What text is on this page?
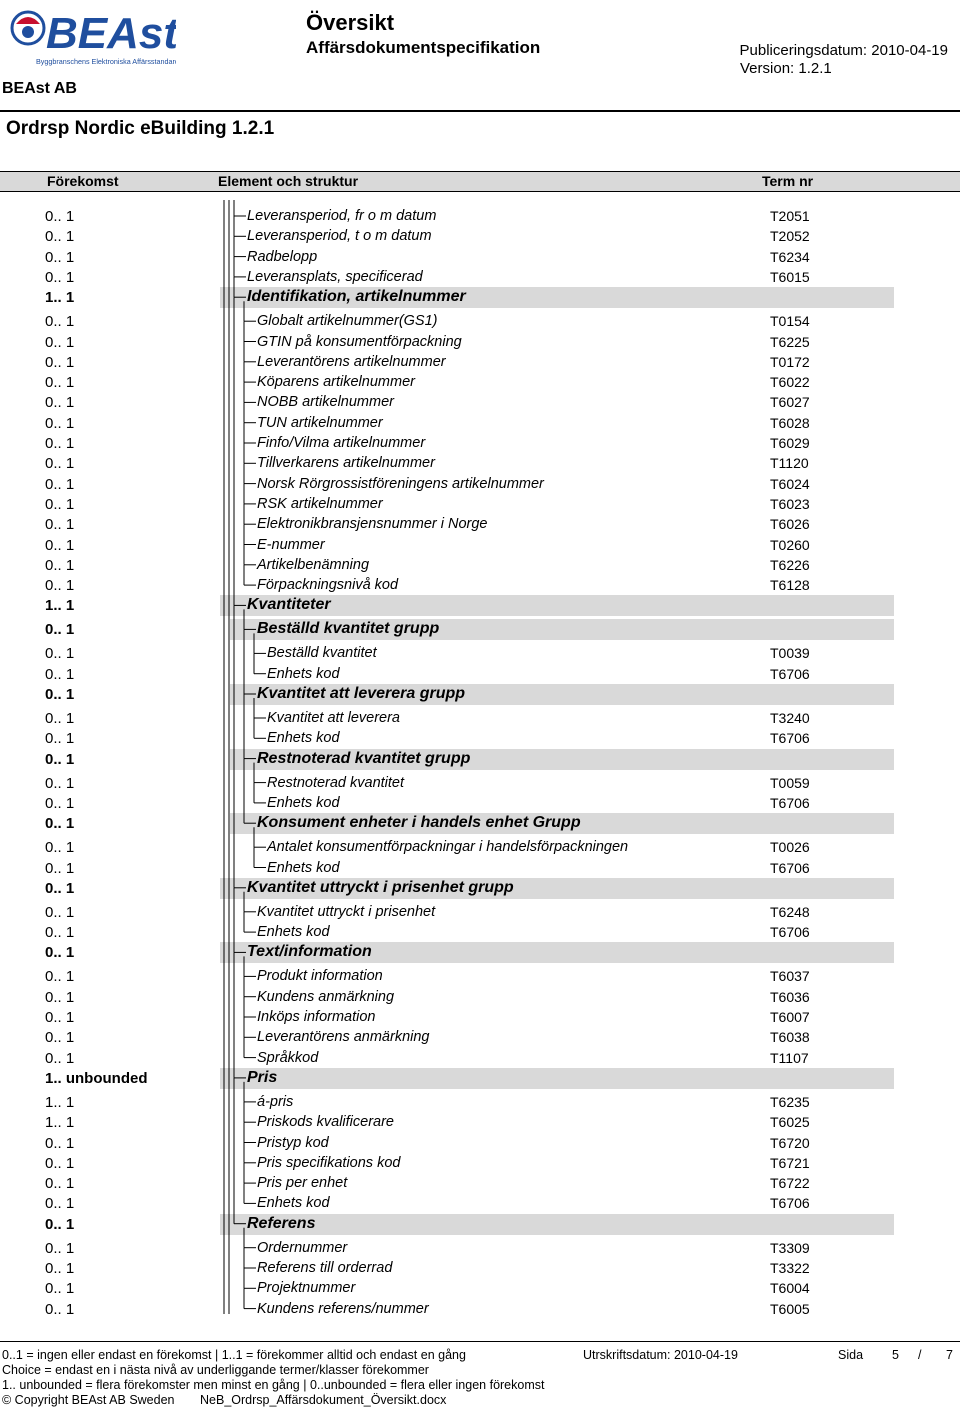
BEAst
Byggbranschens Elektroniska Affärsstandard
BEAst AB
Översikt
Affärsdokumentspecifikation	Publiceringsdatum: 2010-04-19
Version: 1.2.1
Ordrsp Nordic eBuilding 1.2.1
Förekomst	Element och struktur	Term nr
0.. 1	Leveransperiod, fr o m datum	T2051
0.. 1	Leveransperiod, t o m datum	T2052
0.. 1	Radbelopp	T6234
0.. 1	Leveransplats, specificerad	T6015
1.. 1	Identifikation, artikelnummer
0.. 1	Globalt artikelnummer(GS1)	T0154
0.. 1	GTIN på konsumentförpackning	T6225
0.. 1	Leverantörens artikelnummer	T0172
0.. 1	Köparens artikelnummer	T6022
0.. 1	NOBB artikelnummer	T6027
0.. 1	TUN artikelnummer	T6028
0.. 1	Finfo/Vilma artikelnummer	T6029
0.. 1	Tillverkarens artikelnummer	T1120
0.. 1	Norsk Rörgrossistföreningens artikelnummer	T6024
0.. 1	RSK artikelnummer	T6023
0.. 1	Elektronikbransjensnummer i Norge	T6026
0.. 1	E-nummer	T0260
0.. 1	Artikelbenämning	T6226
0.. 1	Förpackningsnivå kod	T6128
1.. 1	Kvantiteter
0.. 1	Beställd kvantitet grupp
0.. 1	Beställd kvantitet	T0039
0.. 1	Enhets kod	T6706
0.. 1	Kvantitet att leverera grupp
0.. 1	Kvantitet att leverera	T3240
0.. 1	Enhets kod	T6706
0.. 1	Restnoterad kvantitet grupp
0.. 1	Restnoterad kvantitet	T0059
0.. 1	Enhets kod	T6706
0.. 1	Konsument enheter i handels enhet Grupp
0.. 1	Antalet konsumentförpackningar i handelsförpackningen	T0026
0.. 1	Enhets kod	T6706
0.. 1	Kvantitet uttryckt i prisenhet grupp
0.. 1	Kvantitet uttryckt i prisenhet	T6248
0.. 1	Enhets kod	T6706
0.. 1	Text/information
0.. 1	Produkt information	T6037
0.. 1	Kundens anmärkning	T6036
0.. 1	Inköps information	T6007
0.. 1	Leverantörens anmärkning	T6038
0.. 1	Språkkod	T1107
1.. unbounded	Pris
1.. 1	á-pris	T6235
1.. 1	Priskods kvalificerare	T6025
0.. 1	Pristyp kod	T6720
0.. 1	Pris specifikations kod	T6721
0.. 1	Pris per enhet	T6722
0.. 1	Enhets kod	T6706
0.. 1	Referens
0.. 1	Ordernummer	T3309
0.. 1	Referens till orderrad	T3322
0.. 1	Projektnummer	T6004
0.. 1	Kundens referens/nummer	T6005
0..1 = ingen eller endast en förekomst | 1..1 = förekommer alltid och endast en gång	Utrskriftsdatum: 2010-04-19	Sida 5 / 7
Choice = endast en i nästa nivå av underliggande termer/klasser förekommer
1.. unbounded = flera förekomster men minst en gång | 0..unbounded = flera eller ingen förekomst
© Copyright BEAst AB Sweden NeB_Ordrsp_Affärsdokument_Översikt.docx
